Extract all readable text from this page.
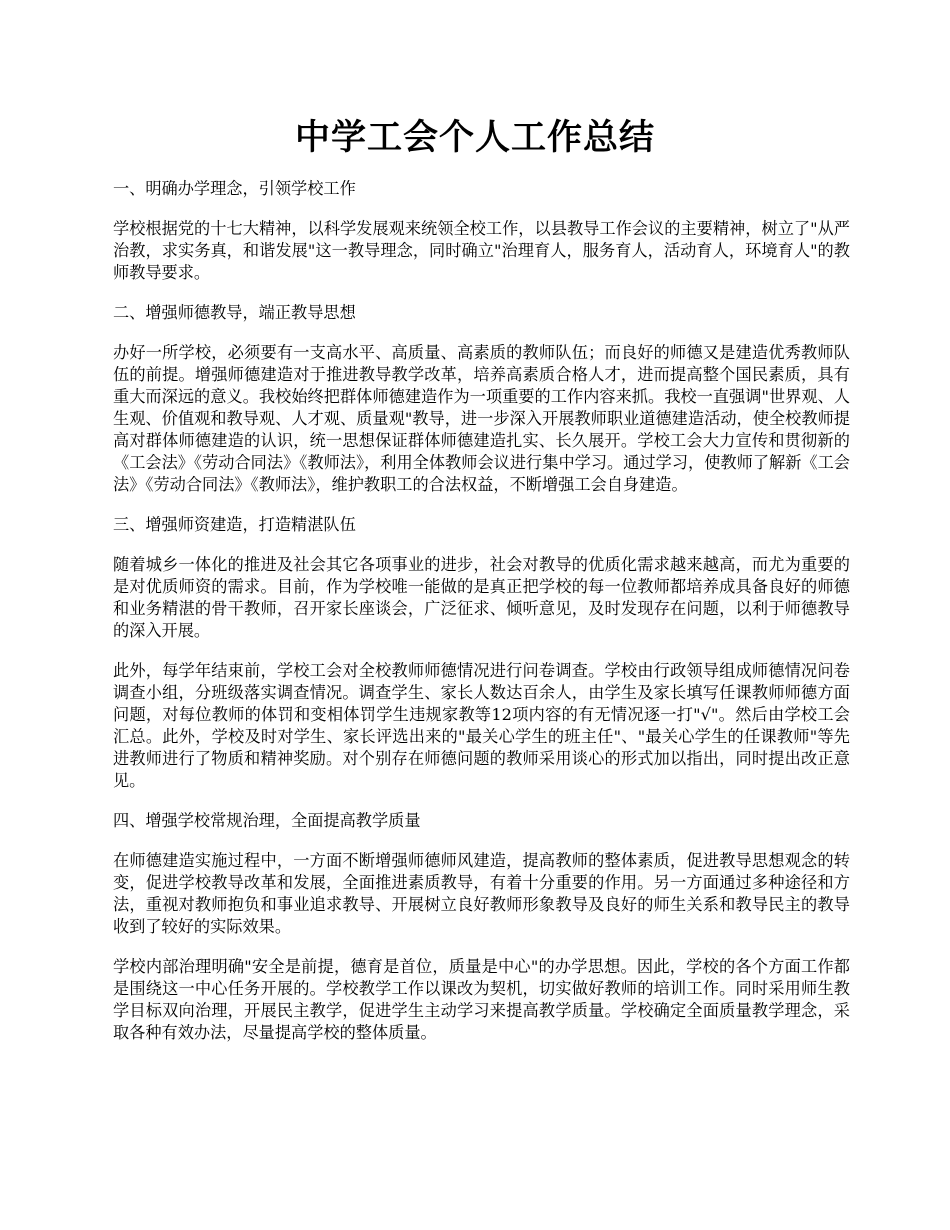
中学工会个人工作总结

一、明确办学理念，引领学校工作

学校根据党的十七大精神，以科学发展观来统领全校工作，以县教导工作会议的主要精神，树立了"从严治教，求实务真，和谐发展"这一教导理念，同时确立"治理育人，服务育人，活动育人，环境育人"的教师教导要求。

二、增强师德教导，端正教导思想

办好一所学校，必须要有一支高水平、高质量、高素质的教师队伍；而良好的师德又是建造优秀教师队伍的前提。增强师德建造对于推进教导教学改革，培养高素质合格人才，进而提高整个国民素质，具有重大而深远的意义。我校始终把群体师德建造作为一项重要的工作内容来抓。我校一直强调"世界观、人生观、价值观和教导观、人才观、质量观"教导，进一步深入开展教师职业道德建造活动，使全校教师提高对群体师德建造的认识，统一思想保证群体师德建造扎实、长久展开。学校工会大力宣传和贯彻新的《工会法》《劳动合同法》《教师法》，利用全体教师会议进行集中学习。通过学习，使教师了解新《工会法》《劳动合同法》《教师法》，维护教职工的合法权益，不断增强工会自身建造。

三、增强师资建造，打造精湛队伍

随着城乡一体化的推进及社会其它各项事业的进步，社会对教导的优质化需求越来越高，而尤为重要的是对优质师资的需求。目前，作为学校唯一能做的是真正把学校的每一位教师都培养成具备良好的师德和业务精湛的骨干教师，召开家长座谈会，广泛征求、倾听意见，及时发现存在问题，以利于师德教导的深入开展。

此外，每学年结束前，学校工会对全校教师师德情况进行问卷调查。学校由行政领导组成师德情况问卷调查小组，分班级落实调查情况。调查学生、家长人数达百余人，由学生及家长填写任课教师师德方面问题，对每位教师的体罚和变相体罚学生违规家教等12项内容的有无情况逐一打"√"。然后由学校工会汇总。此外，学校及时对学生、家长评选出来的"最关心学生的班主任"、"最关心学生的任课教师"等先进教师进行了物质和精神奖励。对个别存在师德问题的教师采用谈心的形式加以指出，同时提出改正意见。

四、增强学校常规治理，全面提高教学质量

在师德建造实施过程中，一方面不断增强师德师风建造，提高教师的整体素质，促进教导思想观念的转变，促进学校教导改革和发展，全面推进素质教导，有着十分重要的作用。另一方面通过多种途径和方法，重视对教师抱负和事业追求教导、开展树立良好教师形象教导及良好的师生关系和教导民主的教导收到了较好的实际效果。

学校内部治理明确"安全是前提，德育是首位，质量是中心"的办学思想。因此，学校的各个方面工作都是围绕这一中心任务开展的。学校教学工作以课改为契机，切实做好教师的培训工作。同时采用师生教学目标双向治理，开展民主教学，促进学生主动学习来提高教学质量。学校确定全面质量教学理念，采取各种有效办法，尽量提高学校的整体质量。
